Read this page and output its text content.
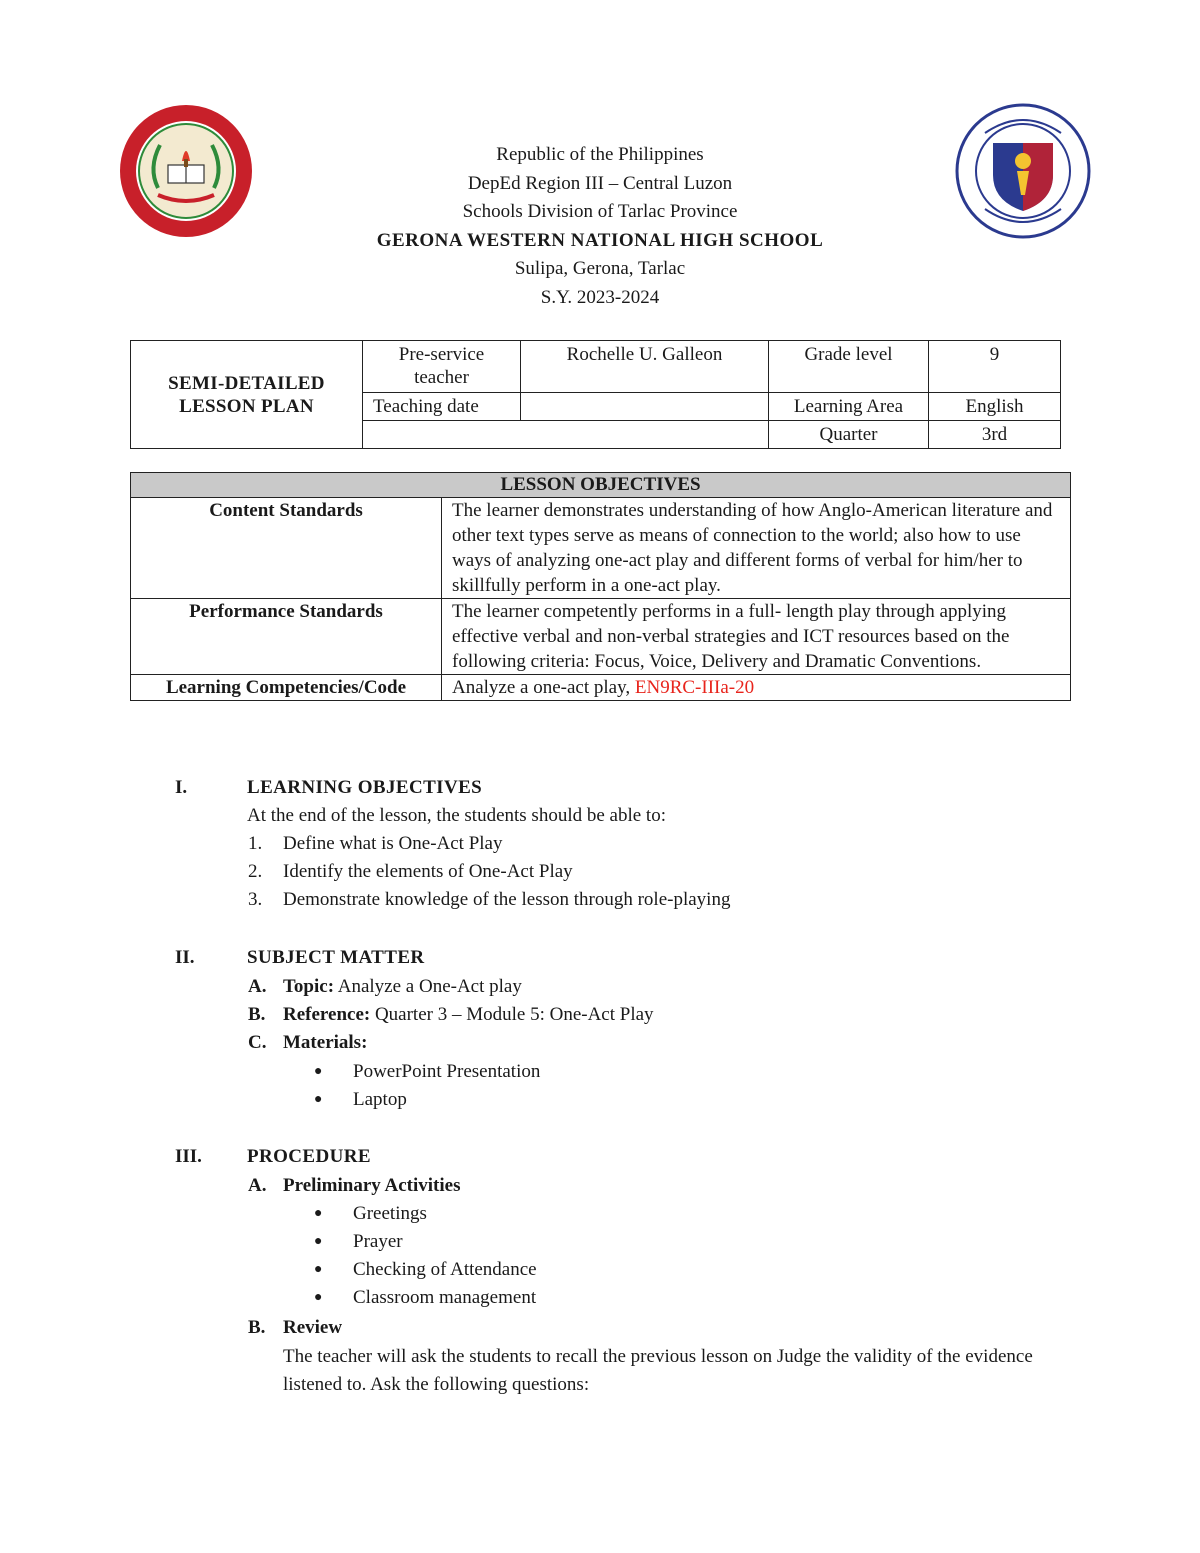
Republic of the Philippines
DepEd Region III – Central Luzon
Schools Division of Tarlac Province
GERONA WESTERN NATIONAL HIGH SCHOOL
Sulipa, Gerona, Tarlac
S.Y. 2023-2024
SEMI-DETAILED
LESSON PLAN	Pre-service teacher	Rochelle U. Galleon	Grade level	9
	Teaching date		Learning Area	English
			Quarter	3rd
LESSON OBJECTIVES	
Content Standards	The learner demonstrates understanding of how Anglo-American literature and other text types serve as means of connection to the world; also how to use ways of analyzing one-act play and different forms of verbal for him/her to skillfully perform in a one-act play.
Performance Standards	The learner competently performs in a full- length play through applying effective verbal and non-verbal strategies and ICT resources based on the following criteria: Focus, Voice, Delivery and Dramatic Conventions.
Learning Competencies/Code	Analyze a one-act play, EN9RC-IIIa-20
I.	LEARNING OBJECTIVES
At the end of the lesson, the students should be able to:
1. Define what is One-Act Play
2. Identify the elements of One-Act Play
3. Demonstrate knowledge of the lesson through role-playing
II.	SUBJECT MATTER
A. Topic: Analyze a One-Act play
B. Reference: Quarter 3 – Module 5: One-Act Play
C. Materials:
● PowerPoint Presentation
● Laptop
III. PROCEDURE
A. Preliminary Activities
● Greetings
● Prayer
● Checking of Attendance
● Classroom management
B. Review
The teacher will ask the students to recall the previous lesson on Judge the validity of the evidence listened to. Ask the following questions:
